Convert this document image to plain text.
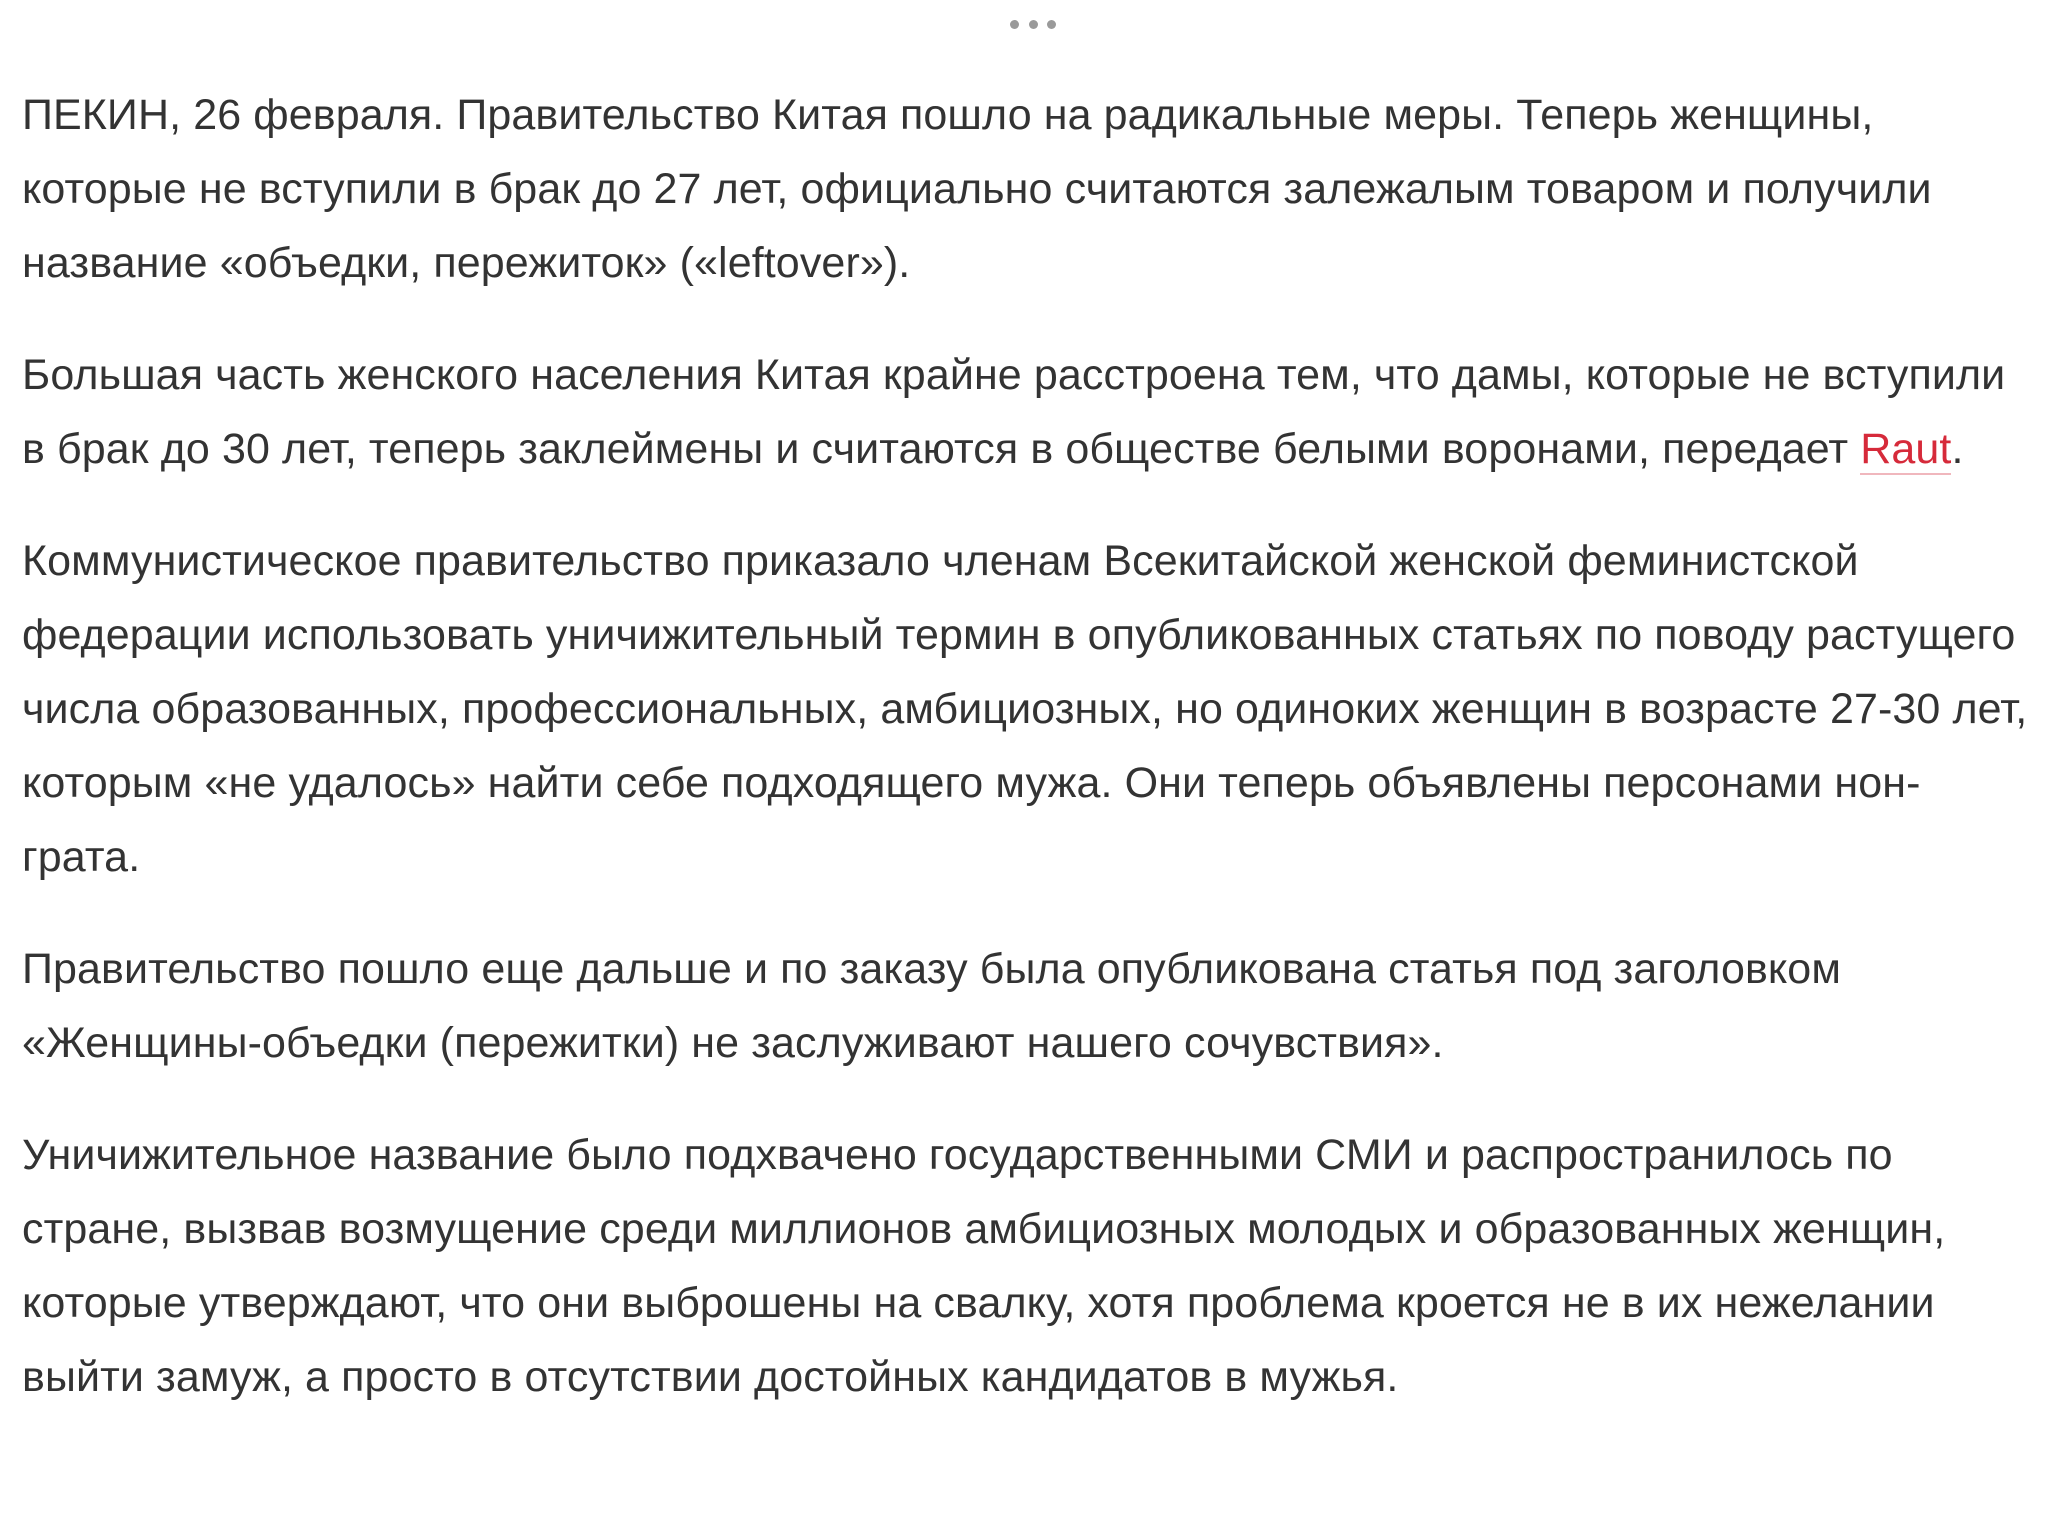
ПЕКИН, 26 февраля. Правительство Китая пошло на радикальные меры. Теперь женщины, которые не вступили в брак до 27 лет, официально считаются залежалым товаром и получили название «объедки, пережиток» («leftover»).

Большая часть женского населения Китая крайне расстроена тем, что дамы, которые не вступили в брак до 30 лет, теперь заклеймены и считаются в обществе белыми воронами, передает Raut.

Коммунистическое правительство приказало членам Всекитайской женской феминистской федерации использовать уничижительный термин в опубликованных статьях по поводу растущего числа образованных, профессиональных, амбициозных, но одиноких женщин в возрасте 27-30 лет, которым «не удалось» найти себе подходящего мужа. Они теперь объявлены персонами нон-грата.

Правительство пошло еще дальше и по заказу была опубликована статья под заголовком «Женщины-объедки (пережитки) не заслуживают нашего сочувствия».

Уничижительное название было подхвачено государственными СМИ и распространилось по стране, вызвав возмущение среди миллионов амбициозных молодых и образованных женщин, которые утверждают, что они выброшены на свалку, хотя проблема кроется не в их нежелании выйти замуж, а просто в отсутствии достойных кандидатов в мужья.
